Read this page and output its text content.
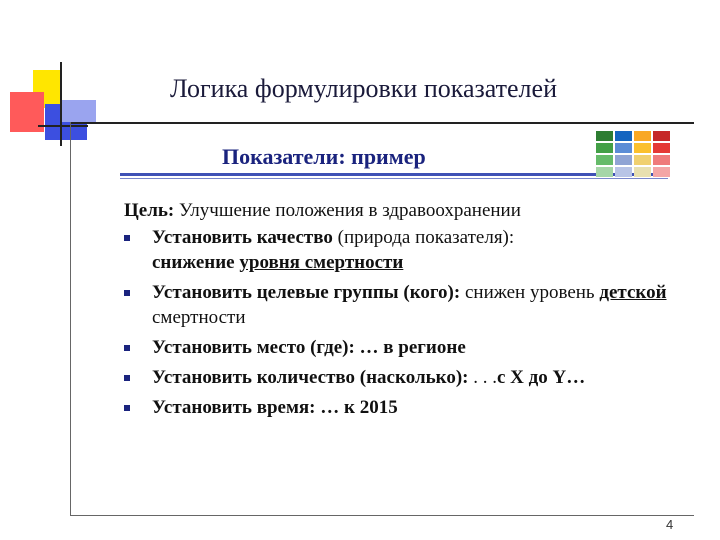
Логика формулировки показателей
Показатели: пример
Цель: Улучшение положения в здравоохранении
Установить качество (природа показателя):
снижение уровня смертности
Установить целевые группы (кого): снижен уровень детской смертности
Установить место (где): … в регионе
Установить количество (насколько): . . .с X до Y…
Установить время: … к 2015
4
